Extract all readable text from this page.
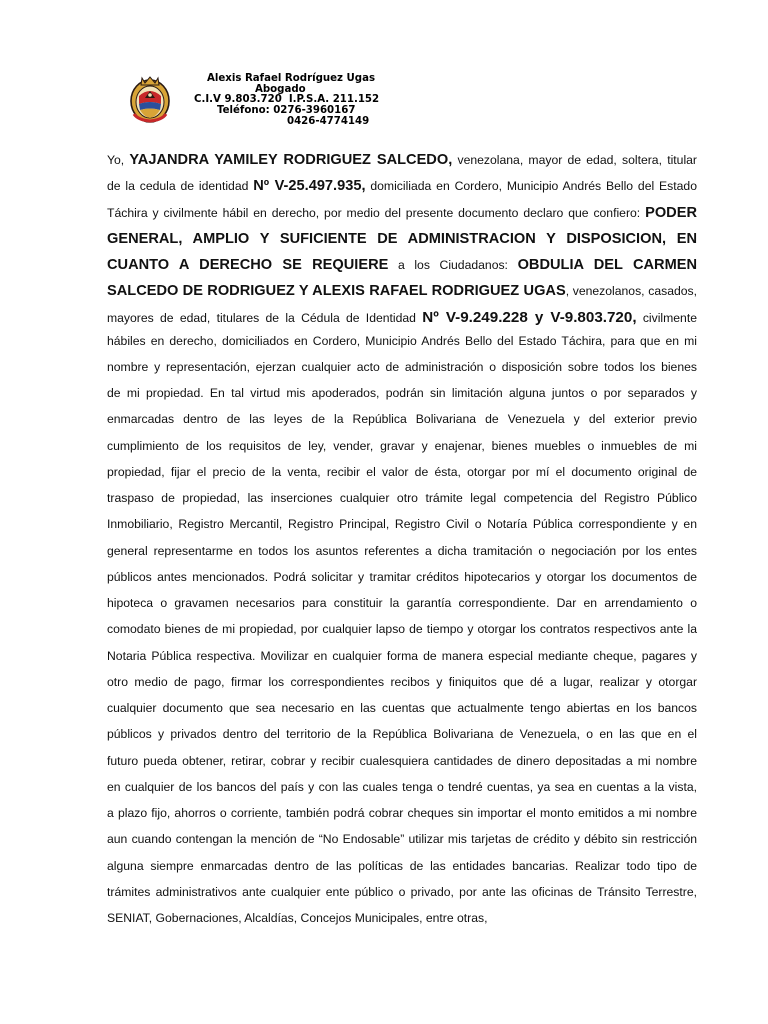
Alexis Rafael Rodríguez Ugas
Abogado
C.I.V 9.803.720  I.P.S.A. 211.152
Teléfono: 0276-3960167
0426-4774149
Yo, YAJANDRA YAMILEY RODRIGUEZ SALCEDO, venezolana, mayor de edad, soltera, titular
de la cedula de identidad Nº V-25.497.935, domiciliada en Cordero, Municipio Andrés Bello del Estado
Táchira y civilmente hábil en derecho, por medio del presente documento declaro que confiero: PODER
GENERAL, AMPLIO Y SUFICIENTE DE ADMINISTRACION Y DISPOSICION, EN
CUANTO A DERECHO SE REQUIERE a los Ciudadanos: OBDULIA DEL CARMEN
SALCEDO DE RODRIGUEZ Y ALEXIS RAFAEL RODRIGUEZ UGAS, venezolanos, casados,
mayores de edad, titulares de la Cédula de Identidad Nº V-9.249.228 y V-9.803.720, civilmente
hábiles en derecho, domiciliados en Cordero, Municipio Andrés Bello del Estado Táchira, para que en mi
nombre y representación, ejerzan cualquier acto de administración o disposición sobre todos los bienes
de mi propiedad. En tal virtud mis apoderados, podrán sin limitación alguna juntos o por separados y
enmarcadas dentro de las leyes de la República Bolivariana de Venezuela y del exterior previo
cumplimiento de los requisitos de ley, vender, gravar y enajenar, bienes muebles o inmuebles de mi
propiedad, fijar el precio de la venta, recibir el valor de ésta, otorgar por mí el documento original de
traspaso de propiedad, las inserciones cualquier otro trámite legal competencia del Registro Público
Inmobiliario, Registro Mercantil, Registro Principal, Registro Civil o Notaría Pública correspondiente y en
general representarme en todos los asuntos referentes a dicha tramitación o negociación por los entes
públicos antes mencionados. Podrá solicitar y tramitar créditos hipotecarios y otorgar los documentos de
hipoteca o gravamen necesarios para constituir la garantía correspondiente. Dar en arrendamiento o
comodato bienes de mi propiedad, por cualquier lapso de tiempo y otorgar los contratos respectivos ante la
Notaria Pública respectiva. Movilizar en cualquier forma de manera especial mediante cheque, pagares y
otro medio de pago, firmar los correspondientes recibos y finiquitos que dé a lugar, realizar y otorgar
cualquier documento que sea necesario en las cuentas que actualmente tengo abiertas en los bancos
públicos y privados dentro del territorio de la República Bolivariana de Venezuela, o en las que en el
futuro pueda obtener, retirar, cobrar y recibir cualesquiera cantidades de dinero depositadas a mi nombre
en cualquier de los bancos del país y con las cuales tenga o tendré cuentas, ya sea en cuentas a la vista,
a plazo fijo, ahorros o corriente, también podrá cobrar cheques sin importar el monto emitidos a mi nombre
aun cuando contengan la mención de “No Endosable” utilizar mis tarjetas de crédito y débito sin restricción
alguna siempre enmarcadas dentro de las políticas de las entidades bancarias. Realizar todo tipo de
trámites administrativos ante cualquier ente público o privado, por ante las oficinas de Tránsito Terrestre,
SENIAT, Gobernaciones, Alcaldías, Concejos Municipales, entre otras,
